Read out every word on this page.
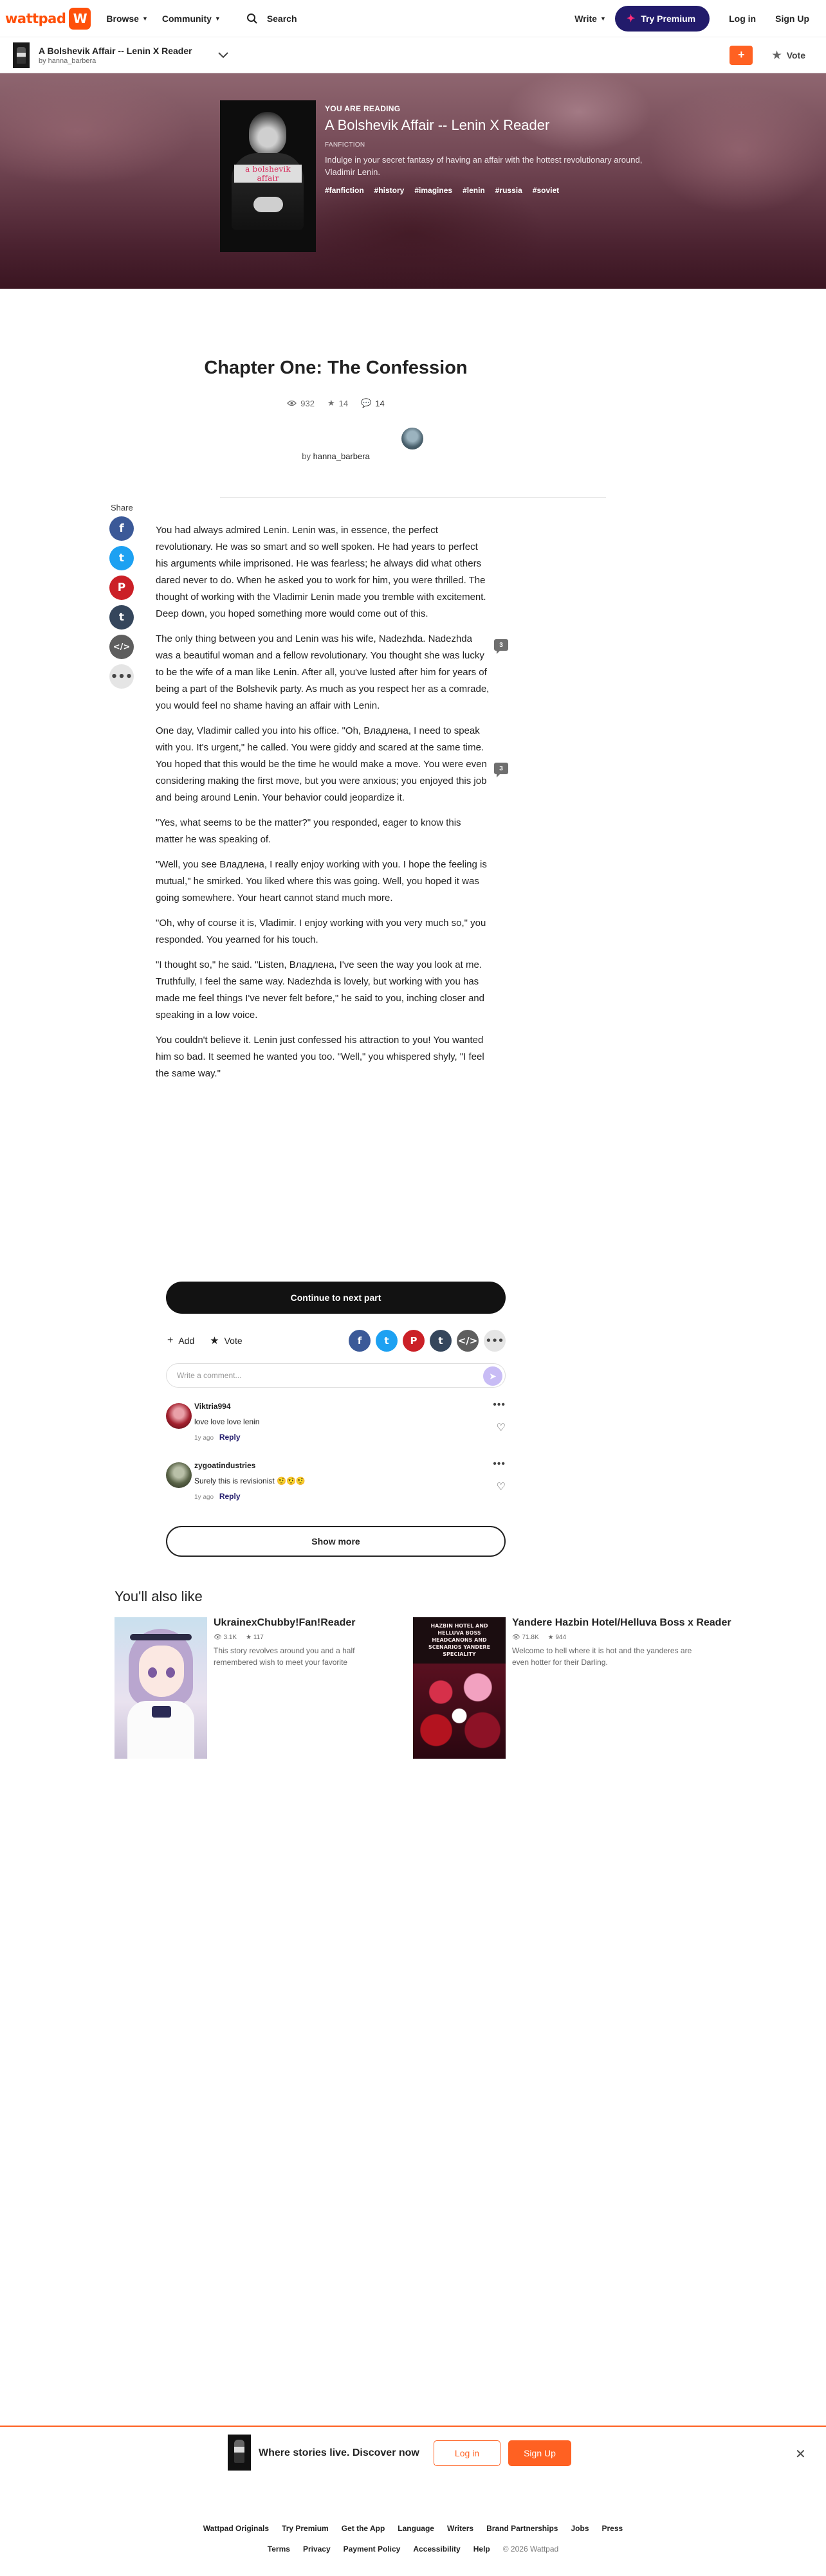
wattpad W	Browse ▼ Community ▼	Search	Write ▼ ✦ Try Premium	Log in Sign Up
A Bolshevik Affair -- Lenin X Reader
by hanna_barbera	+	★ Vote
a bolshevik affair
YOU ARE READING
A Bolshevik Affair -- Lenin X Reader
FANFICTION
Indulge in your secret fantasy of having an affair with the hottest revolutionary around, Vladimir Lenin.
#fanfiction #history #imagines #lenin #russia #soviet
Chapter One: The Confession
932 ★ 14 💬 14
by hanna_barbera
Share
f
t
P
t
</>
•••

You had always admired Lenin. Lenin was, in essence, the perfect revolutionary. He was so smart and so well spoken. He had years to perfect his arguments while imprisoned. He was fearless; he always did what others dared never to do. When he asked you to work for him, you were thrilled. The thought of working with the Vladimir Lenin made you tremble with excitement. Deep down, you hoped something more would come out of this.

The only thing between you and Lenin was his wife, Nadezhda. Nadezhda was a beautiful woman and a fellow revolutionary. You thought she was lucky to be the wife of a man like Lenin. After all, you've lusted after him for years of being a part of the Bolshevik party. As much as you respect her as a comrade, you would feel no shame having an affair with Lenin.

One day, Vladimir called you into his office. "Oh, Владлена, I need to speak with you. It's urgent," he called. You were giddy and scared at the same time. You hoped that this would be the time he would make a move. You were even considering making the first move, but you were anxious; you enjoyed this job and being around Lenin. Your behavior could jeopardize it.

"Yes, what seems to be the matter?" you responded, eager to know this matter he was speaking of.

"Well, you see Владлена, I really enjoy working with you. I hope the feeling is mutual," he smirked. You liked where this was going. Well, you hoped it was going somewhere. Your heart cannot stand much more.

"Oh, why of course it is, Vladimir. I enjoy working with you very much so," you responded. You yearned for his touch.

"I thought so," he said. "Listen, Владлена, I've seen the way you look at me. Truthfully, I feel the same way. Nadezhda is lovely, but working with you has made me feel things I've never felt before," he said to you, inching closer and speaking in a low voice.

You couldn't believe it. Lenin just confessed his attraction to you! You wanted him so bad. It seemed he wanted you too. "Well," you whispered shyly, "I feel the same way."

3
3
Continue to next part
+ Add ★ Vote	f	t	P	t	</> •••
Write a comment...	➤
Viktria994
love love love lenin
1y ago Reply
•••
♡
zygoatindustries
Surely this is revisionist 🤨🤨🤨
1y ago Reply
•••
♡
Show more
You'll also like
UkrainexChubby!Fan!Reader
👁 3.1K ★ 117
This story revolves around you and a half remembered wish to meet your favorite
HAZBIN HOTEL AND HELLUVA BOSS HEADCANONS AND SCENARIOS YANDERE SPECIALITY
Yandere Hazbin Hotel/Helluva Boss x Reader
👁 71.8K ★ 944
Welcome to hell where it is hot and the yanderes are even hotter for their Darling.
Where stories live. Discover now	Log in	Sign Up	✕
Wattpad Originals Try Premium Get the App Language Writers Brand Partnerships Jobs Press
Terms Privacy Payment Policy Accessibility Help © 2026 Wattpad
